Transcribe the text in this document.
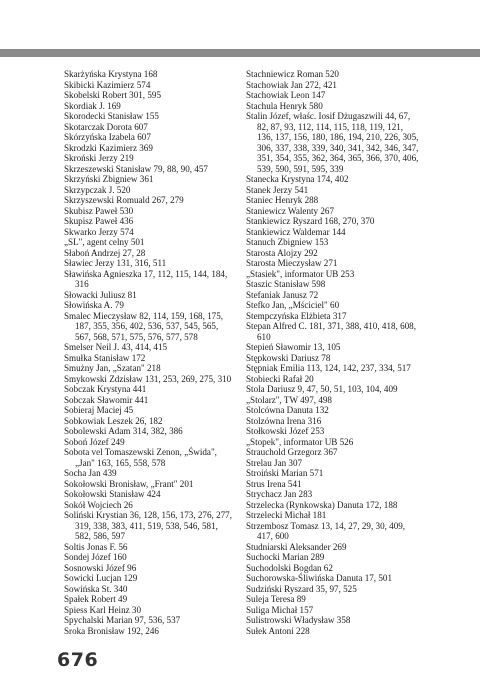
Skarżyńska Krystyna 168

Skibicki Kazimierz 574

Skobelski Robert 301, 595

Skordiak J. 169

Skorodecki Stanisław 155

Skotarczak Dorota 607

Skórzyńska Izabela 607

Skrodzki Kazimierz 369

Skroński Jerzy 219

Skrzeszewski Stanisław 79, 88, 90, 457

Skrzyński Zbigniew 361

Skrzypczak J. 520

Skrzyszewski Romuald 267, 279

Skubisz Paweł 530

Skupisz Paweł 436

Skwarko Jerzy 574

„SL", agent celny 501

Słaboń Andrzej 27, 28

Sławiec Jerzy 131, 316, 511

Sławińska Agnieszka 17, 112, 115, 144, 184, 316

Słowacki Juliusz 81

Słowińska A. 79

Smalec Mieczysław 82, 114, 159, 168, 175, 187, 355, 356, 402, 536, 537, 545, 565, 567, 568, 571, 575, 576, 577, 578

Smelser Neil J. 43, 414, 415

Smułka Stanisław 172

Smużny Jan, „Szatan" 218

Smykowski Zdzisław 131, 253, 269, 275, 310

Sobczak Krystyna 441

Sobczak Sławomir 441

Sobieraj Maciej 45

Sobkowiak Leszek 26, 182

Sobolewski Adam 314, 382, 386

Soboń Józef 249

Sobota vel Tomaszewski Zenon, „Świda", „Jan" 163, 165, 558, 578

Socha Jan 439

Sokołowski Bronisław, „Frant" 201

Sokołowski Stanisław 424

Sokół Wojciech 26

Soliński Krystian 36, 128, 156, 173, 276, 277, 319, 338, 383, 411, 519, 538, 546, 581, 582, 586, 597

Soltis Jonas F. 56

Sondej Józef 160

Sosnowski Józef 96

Sowicki Lucjan 129

Sowińska St. 340

Spałek Robert 49

Spiess Karl Heinz 30

Spychalski Marian 97, 536, 537

Sroka Bronisław 192, 246

Stachniewicz Roman 520

Stachowiak Jan 272, 421

Stachowiak Leon 147

Stachula Henryk 580

Stalin Józef, właśc. Iosif Dżugaszwili 44, 67, 82, 87, 93, 112, 114, 115, 118, 119, 121, 136, 137, 156, 180, 186, 194, 210, 226, 305, 306, 337, 338, 339, 340, 341, 342, 346, 347, 351, 354, 355, 362, 364, 365, 366, 370, 406, 539, 590, 591, 595, 339

Stanecka Krystyna 174, 402

Stanek Jerzy 541

Staniec Henryk 288

Staniewicz Walenty 267

Stankiewicz Ryszard 168, 270, 370

Stankiewicz Waldemar 144

Stanuch Zbigniew 153

Starosta Alojzy 292

Starosta Mieczysław 271

„Stasiek", informator UB 253

Staszic Stanisław 598

Stefaniak Janusz 72

Stefko Jan, „Mściciel" 60

Stempczyńska Elżbieta 317

Stepan Alfred C. 181, 371, 388, 410, 418, 608, 610

Stepień Sławomir 13, 105

Stępkowski Dariusz 78

Stępniak Emilia 113, 124, 142, 237, 334, 517

Stobiecki Rafał 20

Stola Dariusz 9, 47, 50, 51, 103, 104, 409

„Stolarz", TW 497, 498

Stolcówna Danuta 132

Stolzówna Irena 316

Stołkowski Józef 253

„Stopek", informator UB 526

Strauchold Grzegorz 367

Strelau Jan 307

Stroiński Marian 571

Strus Irena 541

Strychacz Jan 283

Strzelecka (Rynkowska) Danuta 172, 188

Strzelecki Michał 181

Strzembosz Tomasz 13, 14, 27, 29, 30, 409, 417, 600

Studniarski Aleksander 269

Suchocki Marian 289

Suchodolski Bogdan 62

Suchorowska-Śliwińska Danuta 17, 501

Sudziński Ryszard 35, 97, 525

Suleja Teresa 89

Suliga Michał 157

Sulistrowski Władysław 358

Sułek Antoni 228

676
